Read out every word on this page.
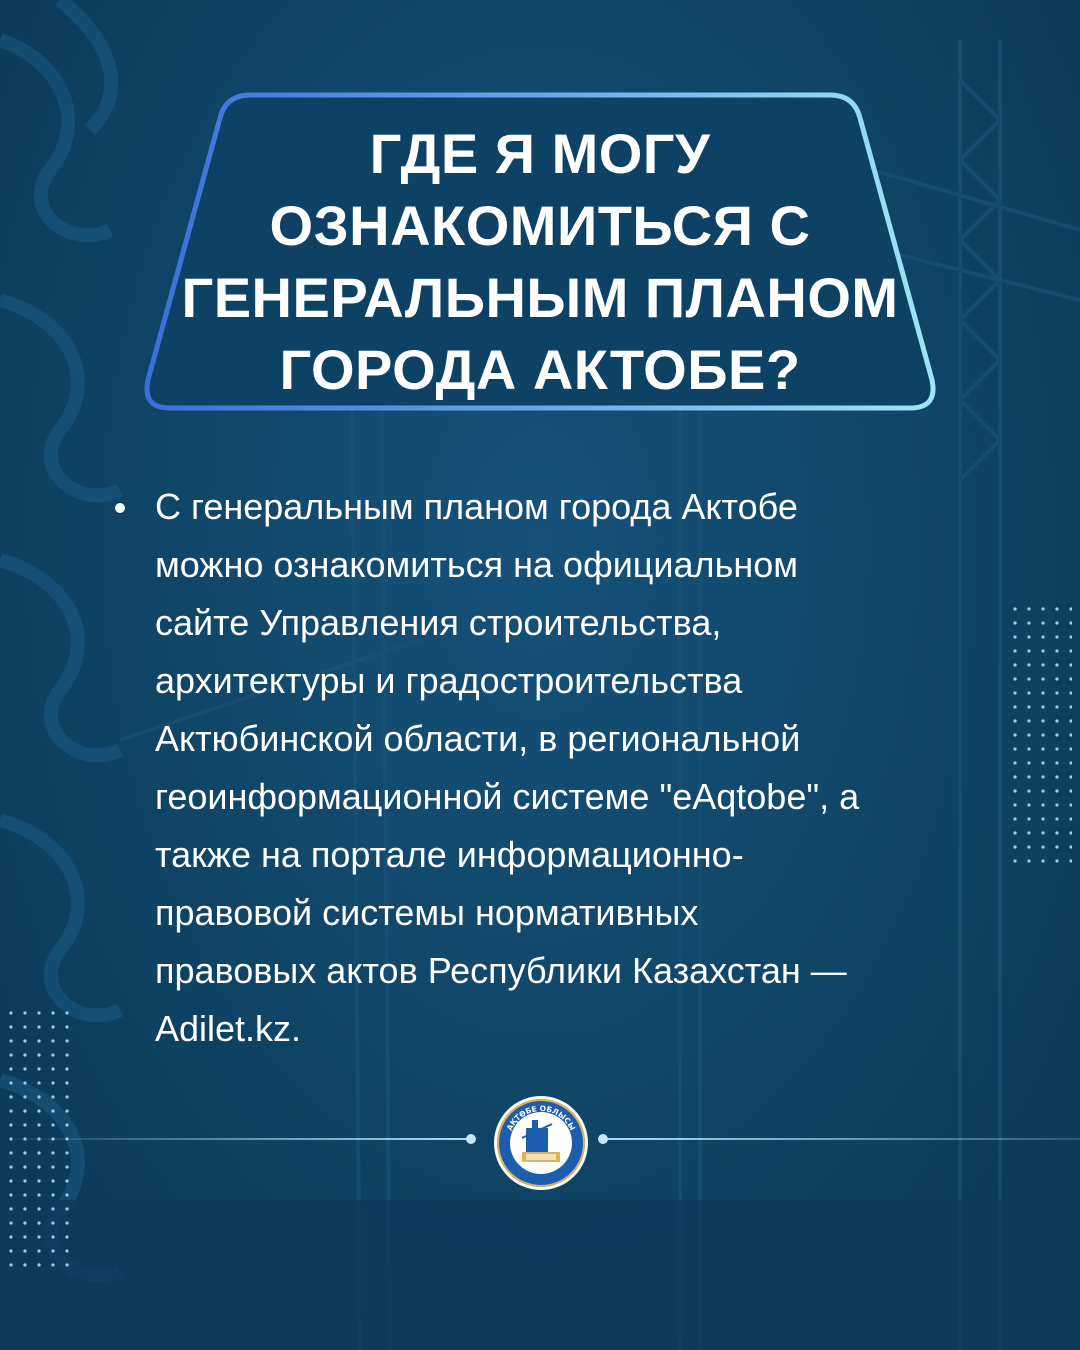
ГДЕ Я МОГУ
ОЗНАКОМИТЬСЯ С
ГЕНЕРАЛЬНЫМ ПЛАНОМ
ГОРОДА АКТОБЕ?
С генеральным планом города Актобе
можно ознакомиться на официальном
сайте Управления строительства,
архитектуры и градостроительства
Актюбинской области, в региональной
геоинформационной системе "eAqtobe", а
также на портале информационно-
правовой системы нормативных
правовых актов Республики Казахстан —
Adilet.kz.
АҚТӨБЕ ОБЛЫСЫ
